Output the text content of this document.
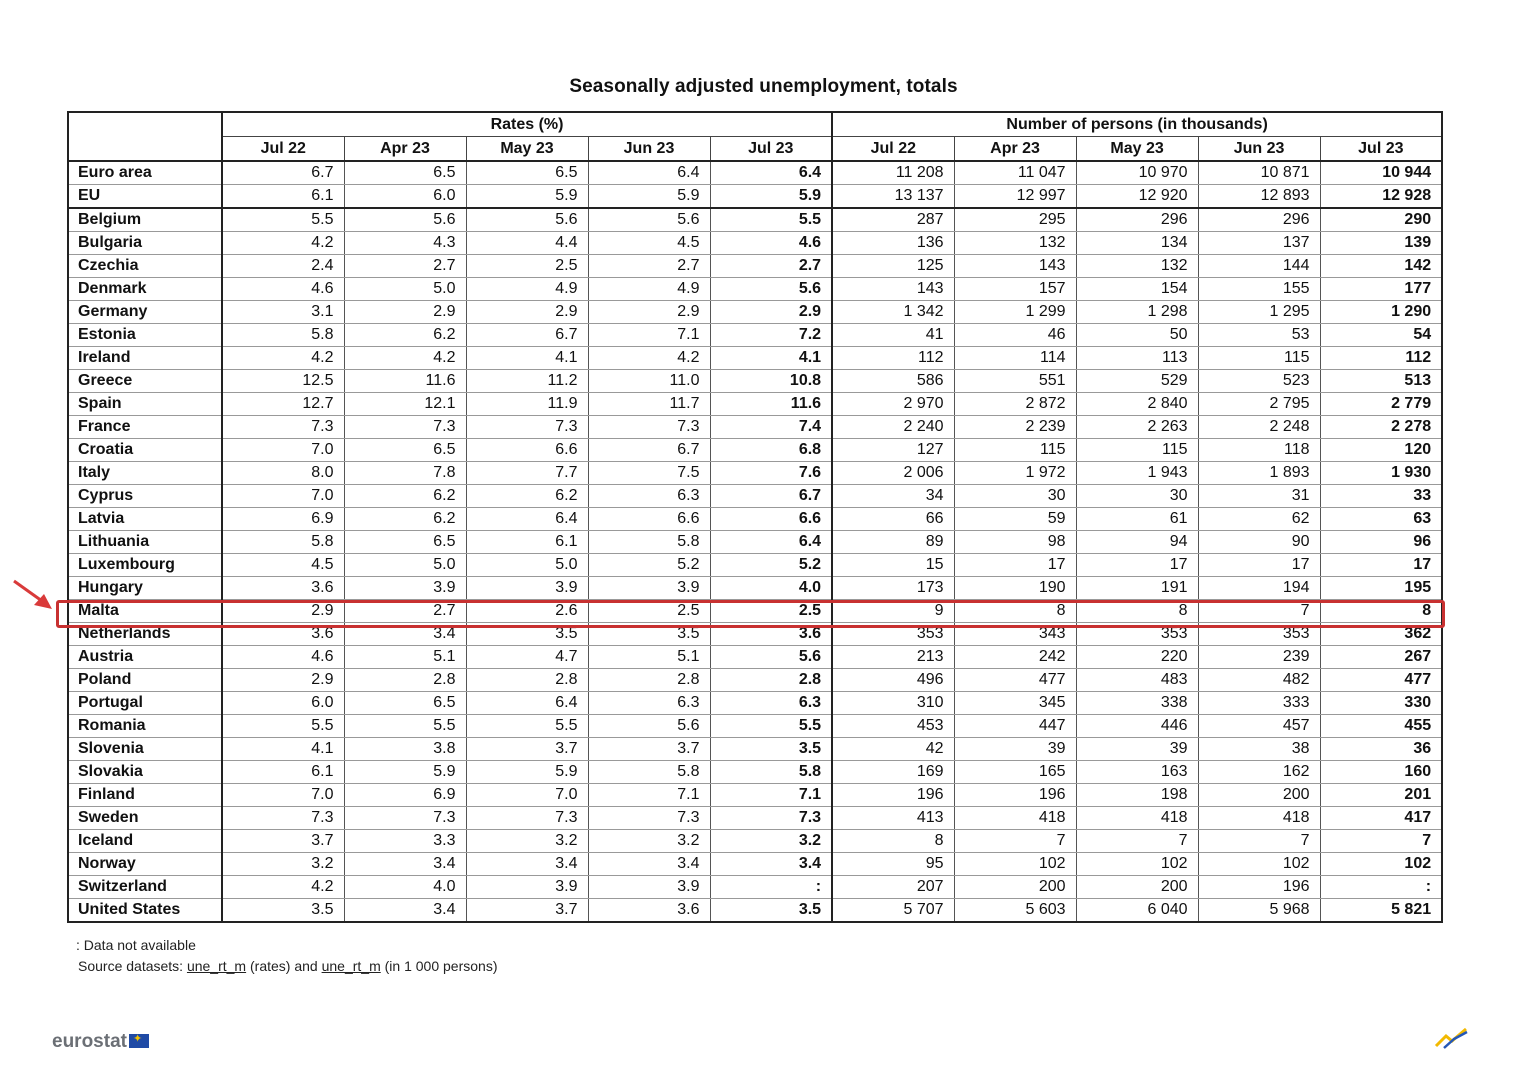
Seasonally adjusted unemployment, totals
	Rates (%)					Number of persons (in thousands)				
	Jul 22	Apr 23	May 23	Jun 23	Jul 23	Jul 22	Apr 23	May 23	Jun 23	Jul 23
Euro area	6.7	6.5	6.5	6.4	6.4	11 208	11 047	10 970	10 871	10 944
EU	6.1	6.0	5.9	5.9	5.9	13 137	12 997	12 920	12 893	12 928
Belgium	5.5	5.6	5.6	5.6	5.5	287	295	296	296	290
Bulgaria	4.2	4.3	4.4	4.5	4.6	136	132	134	137	139
Czechia	2.4	2.7	2.5	2.7	2.7	125	143	132	144	142
Denmark	4.6	5.0	4.9	4.9	5.6	143	157	154	155	177
Germany	3.1	2.9	2.9	2.9	2.9	1 342	1 299	1 298	1 295	1 290
Estonia	5.8	6.2	6.7	7.1	7.2	41	46	50	53	54
Ireland	4.2	4.2	4.1	4.2	4.1	112	114	113	115	112
Greece	12.5	11.6	11.2	11.0	10.8	586	551	529	523	513
Spain	12.7	12.1	11.9	11.7	11.6	2 970	2 872	2 840	2 795	2 779
France	7.3	7.3	7.3	7.3	7.4	2 240	2 239	2 263	2 248	2 278
Croatia	7.0	6.5	6.6	6.7	6.8	127	115	115	118	120
Italy	8.0	7.8	7.7	7.5	7.6	2 006	1 972	1 943	1 893	1 930
Cyprus	7.0	6.2	6.2	6.3	6.7	34	30	30	31	33
Latvia	6.9	6.2	6.4	6.6	6.6	66	59	61	62	63
Lithuania	5.8	6.5	6.1	5.8	6.4	89	98	94	90	96
Luxembourg	4.5	5.0	5.0	5.2	5.2	15	17	17	17	17
Hungary	3.6	3.9	3.9	3.9	4.0	173	190	191	194	195
Malta	2.9	2.7	2.6	2.5	2.5	9	8	8	7	8
Netherlands	3.6	3.4	3.5	3.5	3.6	353	343	353	353	362
Austria	4.6	5.1	4.7	5.1	5.6	213	242	220	239	267
Poland	2.9	2.8	2.8	2.8	2.8	496	477	483	482	477
Portugal	6.0	6.5	6.4	6.3	6.3	310	345	338	333	330
Romania	5.5	5.5	5.5	5.6	5.5	453	447	446	457	455
Slovenia	4.1	3.8	3.7	3.7	3.5	42	39	39	38	36
Slovakia	6.1	5.9	5.9	5.8	5.8	169	165	163	162	160
Finland	7.0	6.9	7.0	7.1	7.1	196	196	198	200	201
Sweden	7.3	7.3	7.3	7.3	7.3	413	418	418	418	417
Iceland	3.7	3.3	3.2	3.2	3.2	8	7	7	7	7
Norway	3.2	3.4	3.4	3.4	3.4	95	102	102	102	102
Switzerland	4.2	4.0	3.9	3.9	:	207	200	200	196	:
United States	3.5	3.4	3.7	3.6	3.5	5 707	5 603	6 040	5 968	5 821
: Data not available
Source datasets: une_rt_m (rates) and une_rt_m (in 1 000 persons)
eurostat✦
